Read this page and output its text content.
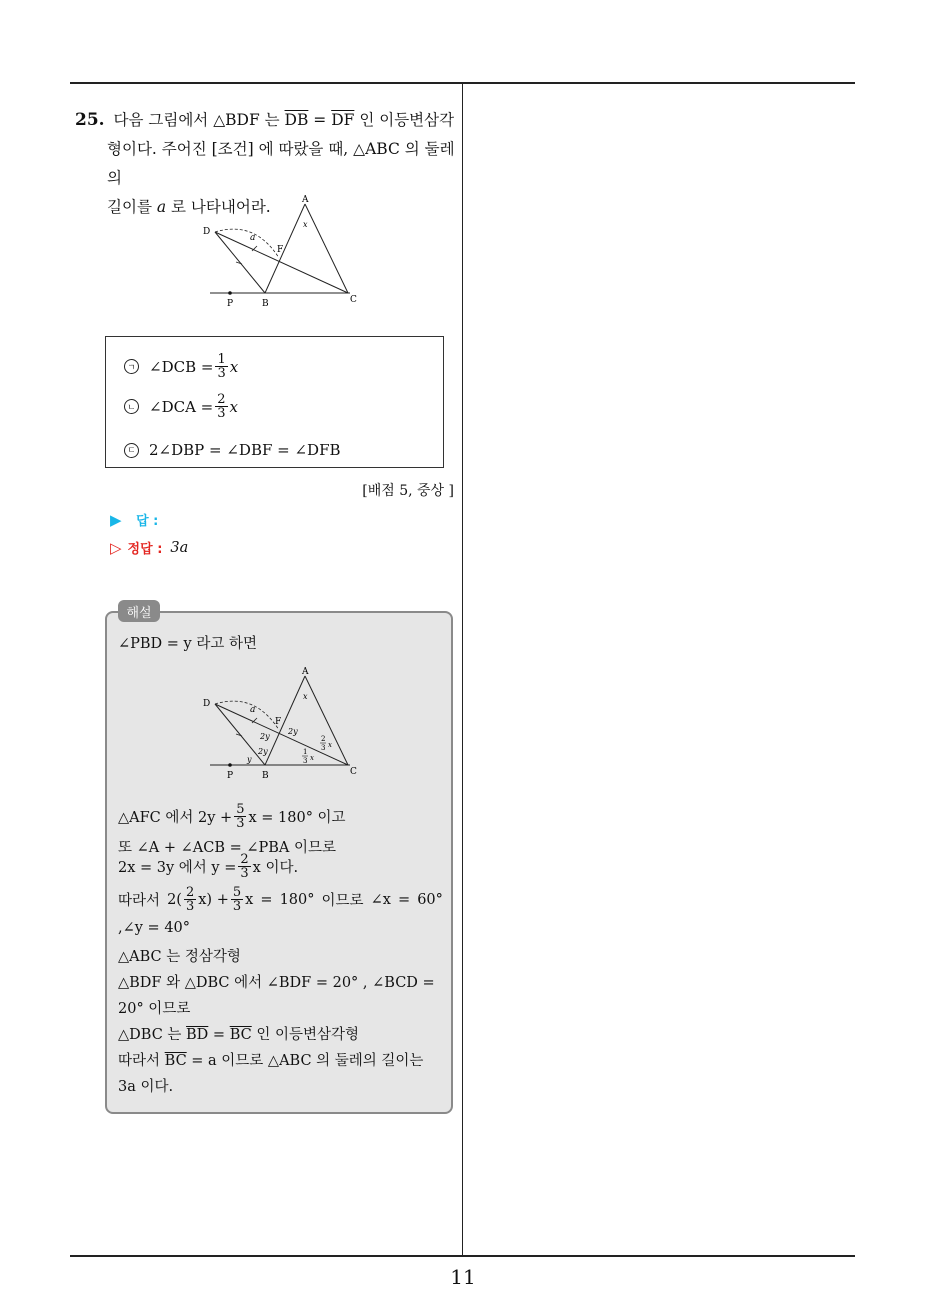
25. 다음 그림에서 △BDF 는 $\overline{DB} = \overline{DF}$ 인 이등변삼각
형이다. 주어진 [조건] 에 따랐을 때, △ABC 의 둘레의
길이를 a 로 나타내어라.	A
D
a
F
x
P	B	C
ㄱ ∠DCB = $\frac{1}{3}$ x
ㄴ ∠DCA = $\frac{2}{3}$ x
ㄷ 2∠DBP = ∠DBF = ∠DFB
[배점 5, 중상 ]
▶ 답 :
▷ 정답 : 3a
해설
∠PBD = y 라고 하면
A
D
a
F
x
2y
2y
2y
2
3 x
y
1
3 x
P	B	C
△AFC 에서 $2y + \frac{5}{3}$ x = 180° 이고
또 ∠A + ∠ACB = ∠PBA 이므로
2x = 3y 에서 $y = \frac{2}{3}$ x 이다.
따라서 $2( \frac{2}{3} x) + \frac{5}{3}$ x = 180° 이므로 ∠x = 60°
,∠y = 40°
△ABC 는 정삼각형
△BDF 와 △DBC 에서 ∠BDF = 20° , ∠BCD =
20° 이므로
△DBC 는 $\overline{BD} = \overline{BC}$ 인 이등변삼각형
따라서 $\overline{BC} = a$ 이므로 △ABC 의 둘레의 길이는
3a 이다.
11
